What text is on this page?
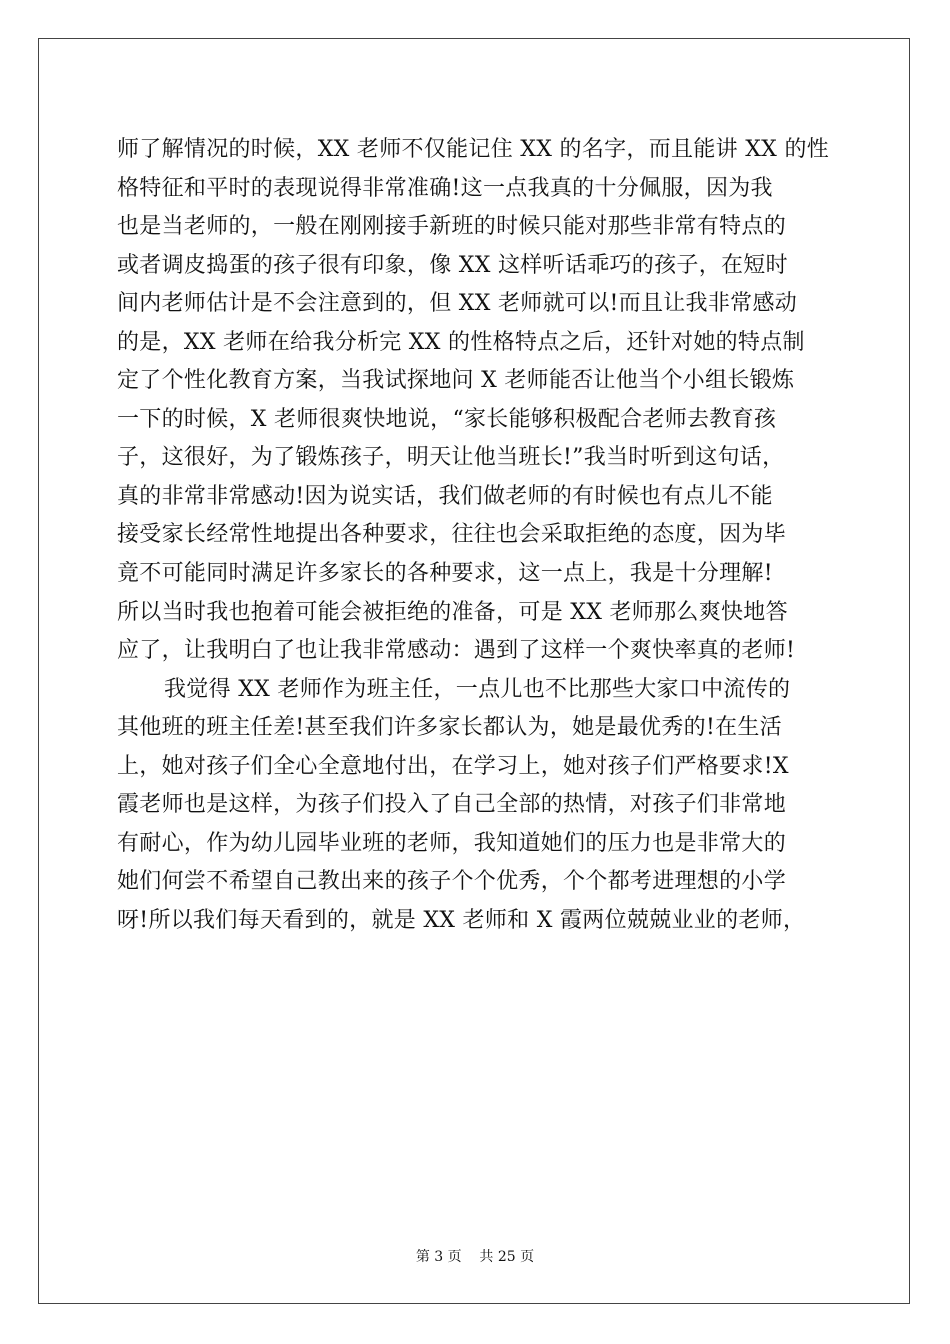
师了解情况的时候，XX 老师不仅能记住 XX 的名字，而且能讲 XX 的性
格特征和平时的表现说得非常准确!这一点我真的十分佩服，因为我
也是当老师的，一般在刚刚接手新班的时候只能对那些非常有特点的
或者调皮捣蛋的孩子很有印象，像 XX 这样听话乖巧的孩子，在短时
间内老师估计是不会注意到的，但 XX 老师就可以!而且让我非常感动
的是，XX 老师在给我分析完 XX 的性格特点之后，还针对她的特点制
定了个性化教育方案，当我试探地问 X 老师能否让他当个小组长锻炼
一下的时候，X 老师很爽快地说，“家长能够积极配合老师去教育孩
子，这很好，为了锻炼孩子，明天让他当班长!”我当时听到这句话，
真的非常非常感动!因为说实话，我们做老师的有时候也有点儿不能
接受家长经常性地提出各种要求，往往也会采取拒绝的态度，因为毕
竟不可能同时满足许多家长的各种要求，这一点上，我是十分理解!
所以当时我也抱着可能会被拒绝的准备，可是 XX 老师那么爽快地答
应了，让我明白了也让我非常感动：遇到了这样一个爽快率真的老师!
我觉得 XX 老师作为班主任，一点儿也不比那些大家口中流传的
其他班的班主任差!甚至我们许多家长都认为，她是最优秀的!在生活
上，她对孩子们全心全意地付出，在学习上，她对孩子们严格要求!X
霞老师也是这样，为孩子们投入了自己全部的热情，对孩子们非常地
有耐心，作为幼儿园毕业班的老师，我知道她们的压力也是非常大的
她们何尝不希望自己教出来的孩子个个优秀，个个都考进理想的小学
呀!所以我们每天看到的，就是 XX 老师和 X 霞两位兢兢业业的老师，
第 3 页    共 25 页
